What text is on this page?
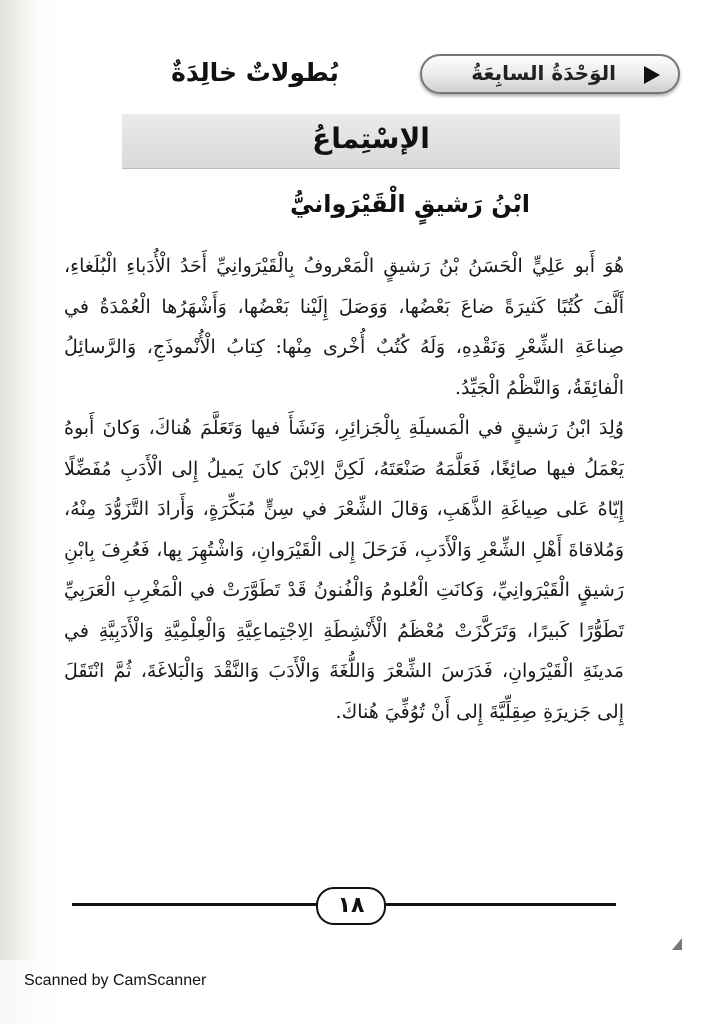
بُطولاتٌ خالِدَةٌ	الوَحْدَةُ السابِعَةُ
الإسْتِماعُ
ابْنُ رَشيقٍ الْقَيْرَوانيُّ

هُوَ أَبو عَلِيٍّ الْحَسَنُ بْنُ رَشيقٍ الْمَعْروفُ بِالْقَيْرَوانِيِّ أَحَدُ الْأُدَباءِ الْبُلَغاءِ، أَلَّفَ كُتُبًا كَثيرَةً ضاعَ بَعْضُها، وَوَصَلَ إِلَيْنا بَعْضُها، وَأَشْهَرُها الْعُمْدَةُ في صِناعَةِ الشِّعْرِ وَنَقْدِهِ، وَلَهُ كُتُبٌ أُخْرى مِنْها: كِتابُ الْأُنْموذَجِ، وَالرَّسائِلُ الْفائِقَةُ، وَالنَّظْمُ الْجَيِّدُ.

وُلِدَ ابْنُ رَشيقٍ في الْمَسيلَةِ بِالْجَزائِرِ، وَنَشَأَ فيها وَتَعَلَّمَ هُناكَ، وَكانَ أَبوهُ يَعْمَلُ فيها صائِغًا، فَعَلَّمَهُ صَنْعَتَهُ، لَكِنَّ الِابْنَ كانَ يَميلُ إِلى الْأَدَبِ مُفَضِّلًا إِيّاهُ عَلى صِياغَةِ الذَّهَبِ، وَقالَ الشِّعْرَ في سِنٍّ مُبَكِّرَةٍ، وَأَرادَ التَّزَوُّدَ مِنْهُ، وَمُلاقاةَ أَهْلِ الشِّعْرِ وَالْأَدَبِ، فَرَحَلَ إِلى الْقَيْرَوانِ، وَاشْتُهِرَ بِها، فَعُرِفَ بِابْنِ رَشيقٍ الْقَيْرَوانِيِّ، وَكانَتِ الْعُلومُ وَالْفُنونُ قَدْ تَطَوَّرَتْ في الْمَغْرِبِ الْعَرَبِيِّ تَطَوُّرًا كَبيرًا، وَتَرَكَّزَتْ مُعْظَمُ الْأَنْشِطَةِ الِاجْتِماعِيَّةِ وَالْعِلْمِيَّةِ وَالْأَدَبِيَّةِ في مَدينَةِ الْقَيْرَوانِ، فَدَرَسَ الشِّعْرَ وَاللُّغَةَ وَالْأَدَبَ وَالنَّقْدَ وَالْبَلاغَةَ، ثُمَّ انْتَقَلَ إِلى جَزيرَةِ صِقِلِّيَّةَ إِلى أَنْ تُوُفِّيَ هُناكَ.

١٨
Scanned by CamScanner
